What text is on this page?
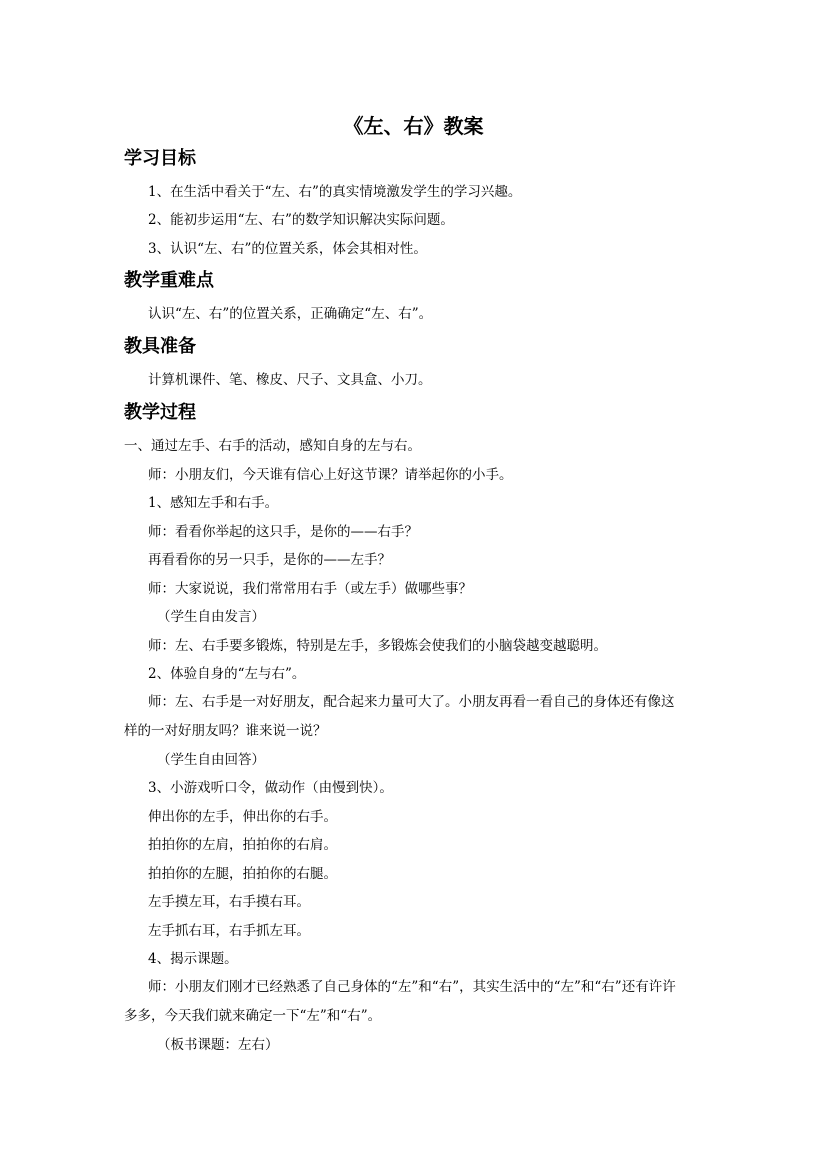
《左、右》教案
学习目标
1、在生活中看关于“左、右”的真实情境激发学生的学习兴趣。
2、能初步运用“左、右”的数学知识解决实际问题。
3、认识“左、右”的位置关系，体会其相对性。
教学重难点
认识“左、右”的位置关系，正确确定“左、右”。
教具准备
计算机课件、笔、橡皮、尺子、文具盒、小刀。
教学过程
一、通过左手、右手的活动，感知自身的左与右。
师：小朋友们，今天谁有信心上好这节课？请举起你的小手。
1、感知左手和右手。
师：看看你举起的这只手，是你的——右手？
再看看你的另一只手，是你的——左手？
师：大家说说，我们常常用右手（或左手）做哪些事？
（学生自由发言）
师：左、右手要多锻炼，特别是左手，多锻炼会使我们的小脑袋越变越聪明。
2、体验自身的“左与右”。
师：左、右手是一对好朋友，配合起来力量可大了。小朋友再看一看自己的身体还有像这样的一对好朋友吗？谁来说一说？
（学生自由回答）
3、小游戏听口令，做动作（由慢到快）。
伸出你的左手，伸出你的右手。
拍拍你的左肩，拍拍你的右肩。
拍拍你的左腿，拍拍你的右腿。
左手摸左耳，右手摸右耳。
左手抓右耳，右手抓左耳。
4、揭示课题。
师：小朋友们刚才已经熟悉了自己身体的“左”和“右”，其实生活中的“左”和“右”还有许许多多，今天我们就来确定一下“左”和“右”。
（板书课题：左右）
